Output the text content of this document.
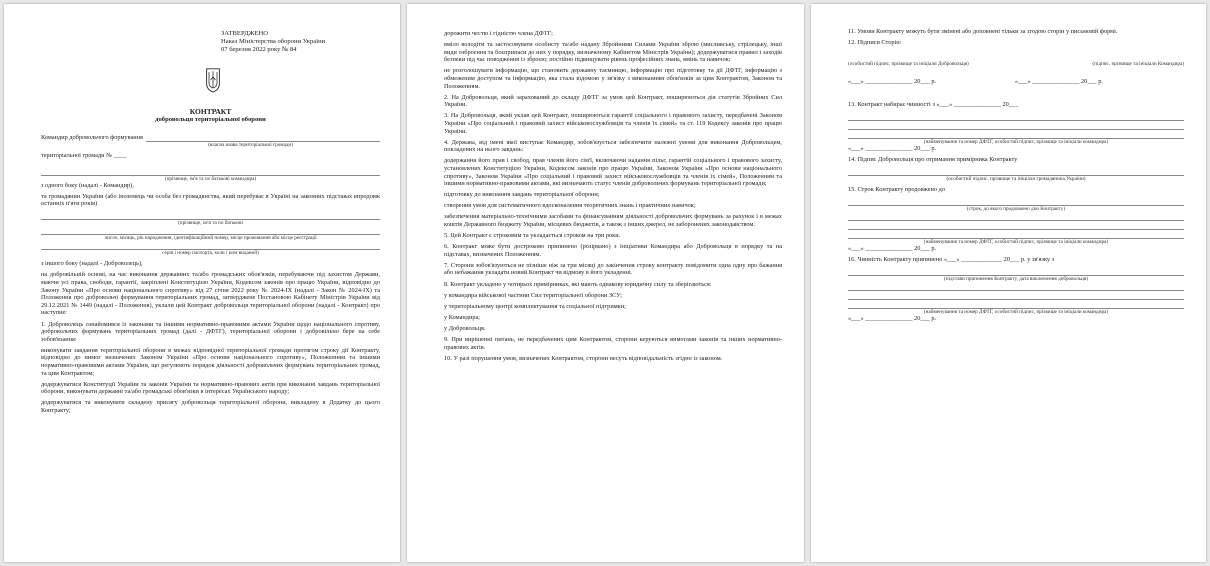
ЗАТВЕРДЖЕНО
Наказ Міністерства оборони України
07 березня 2022 року № 84
КОНТРАКТ
добровольця територіальної оборони
Командир добровольчого формування

(власна назва територіальної громади)

територіальної громади № ____

(прізвище, ім'я та по батькові командира)

з одного боку (надалі - Командир),

та громадянин України (або іноземець чи особа без громадянства, який перебуває в Україні на законних підставах впродовж останніх п'яти років)

(прізвище, ім'я та по батькові

число, місяць, рік народження, ідентифікаційний номер, місце проживання або місце реєстрації

серія і номер паспорта, коли і ким виданий)

з іншого боку (надалі - Доброволець),

на добровільній основі, на час виконання державних та/або громадських обов'язків, перебуваючи під захистом Держави, маючи усі права, свободи, гарантії, закріплені Конституцією України, Кодексом законів про працю України, відповідно до Закону України «Про основи національного спротиву» від 27 січня 2022 року № 2024-IX (надалі - Закон № 2024-IX) та Положення про добровольчі формування територіальних громад, затверджене Постановою Кабінету Міністрів України від 29.12.2021 № 1449 (надалі - Положення), уклали цей Контракт добровольця територіальної оборони (надалі - Контракт) про наступне:

1. Доброволець ознайомився із законами та іншими нормативно-правовими актами України щодо національного спротиву, добровольчих формувань територіальних громад (далі - ДФТГ), територіальної оборони і добровільно бере на себе зобов'язання:

виконувати завдання територіальної оборони в межах відповідної територіальної громади протягом строку дії Контракту, відповідно до вимог визначених Законом України «Про основи національного спротиву», Положенням та іншими нормативно-правовими актами України, що регулюють порядок діяльності добровольчих формувань територіальних громад, та цим Контрактом;

додержуватися Конституції України та законів України та нормативно-правових актів при виконанні завдань територіальної оборони, виконувати державні та/або громадські обов'язки в інтересах Українського народу;

додержуватися та виконувати складену присягу добровольця територіальної оборони, викладену в Додатку до цього Контракту;

дорожити честю і гідністю члена ДФТГ;

вміло володіти та застосовувати особисту та/або надану Збройними Силами України зброю (мисливську, стрілецьку, інші види озброєння та боєприпаси до них у порядку, визначеному Кабінетом Міністрів України); додержуватися правил і заходів безпеки під час поводження із зброєю; постійно підвищувати рівень професійних знань, вмінь та навичок;

не розголошувати інформацію, що становить державну таємницю, інформацію про підготовку та дії ДФТГ, інформацію з обмеженим доступом та інформацію, яка стала відомою у зв'язку з виконанням обов'язків за цим Контрактом, Законом та Положенням.

2. На Добровольця, який зарахований до складу ДФТГ за умов цей Контракт, поширюються дія статутів Збройних Сил України.

3. На Добровольця, який уклав цей Контракт, поширюються гарантії соціального і правового захисту, передбачені Законом України «Про соціальний і правовий захист військовослужбовців та членів їх сімей» та ст. 119 Кодексу законів про працю України.

4. Держава, від імені якої виступає Командир, зобов'язується забезпечити належні умови для виконання Добровольцем, покладених на нього завдань:

додержання його прав і свобод, прав членів його сім'ї, включаючи надання пільг, гарантій соціального і правового захисту, установлених Конституцією України, Кодексом законів про працю України, Законом України «Про основи національного спротиву», Законом України «Про соціальний і правовий захист військовослужбовців та членів їх сімей», Положенням та іншими нормативно-правовими актами, які визначають статус членів добровольчих формувань територіальної громади;

підготовку до виконання завдань територіальної оборони;

створення умов для систематичного вдосконалення теоретичних знань і практичних навичок;

забезпечення матеріально-технічними засобами та фінансуванням діяльності добровольчих формувань за рахунок і в межах коштів Державного бюджету України, місцевих бюджетів, а також з інших джерел, не заборонених законодавством.

5. Цей Контракт є строковим та укладається строком на три роки.

6. Контракт може бути достроково припинено (розірвано) з ініціативи Командира або Добровольця в порядку та на підставах, визначених Положенням.

7. Сторони зобов'язуються не пізніше ніж за три місяці до закінчення строку контракту повідомити одна одну про бажання або небажання укладати новий Контракт чи відмову в його укладенні.

8. Контракт укладено у чотирьох примірниках, які мають однакову юридичну силу та зберігаються:

у командира військової частини Сил територіальної оборони ЗСУ;

у територіальному центрі комплектування та соціальної підтримки;

у Командира;

у Добровольця.

9. При вирішенні питань, не передбачених цим Контрактом, сторони керуються вимогами законів та інших нормативно-правових актів.

10. У разі порушення умов, визначених Контрактом, сторони несуть відповідальність згідно із законом.

11. Умови Контракту можуть бути змінені або доповнені тільки за згодою сторін у письмовій формі.

12. Підписи Сторін:

(особистий підпис, прізвище та ініціали Добровольця)	(підпис, прізвище та ініціали Командира)
«___» _______________ 20___ р.	«___» _______________ 20___ р.

13. Контракт набирає чинності з «___» _______________ 20___

(найменування та номер ДФТГ, особистий підпис, прізвище та ініціали командира)

«___» _______________ 20___ р.

14. Підпис Добровольця про отримання примірника Контракту

(особистий підпис, прізвище та ініціали громадянина України)

15. Строк Контракту продовжено до

(строк, до якого продовжено дію Контракту)

(найменування та номер ДФТГ, особистий підпис, прізвище та ініціали командира)

«___» _______________ 20___ р.

16. Чинність Контракту припинено «___» _____________ 20___ р. у зв'язку з

(підстави припинення Контракту, дата виключення добровольця)

(найменування та номер ДФТГ, особистий підпис, прізвище та ініціали командира)

«___» _______________ 20___ р.
